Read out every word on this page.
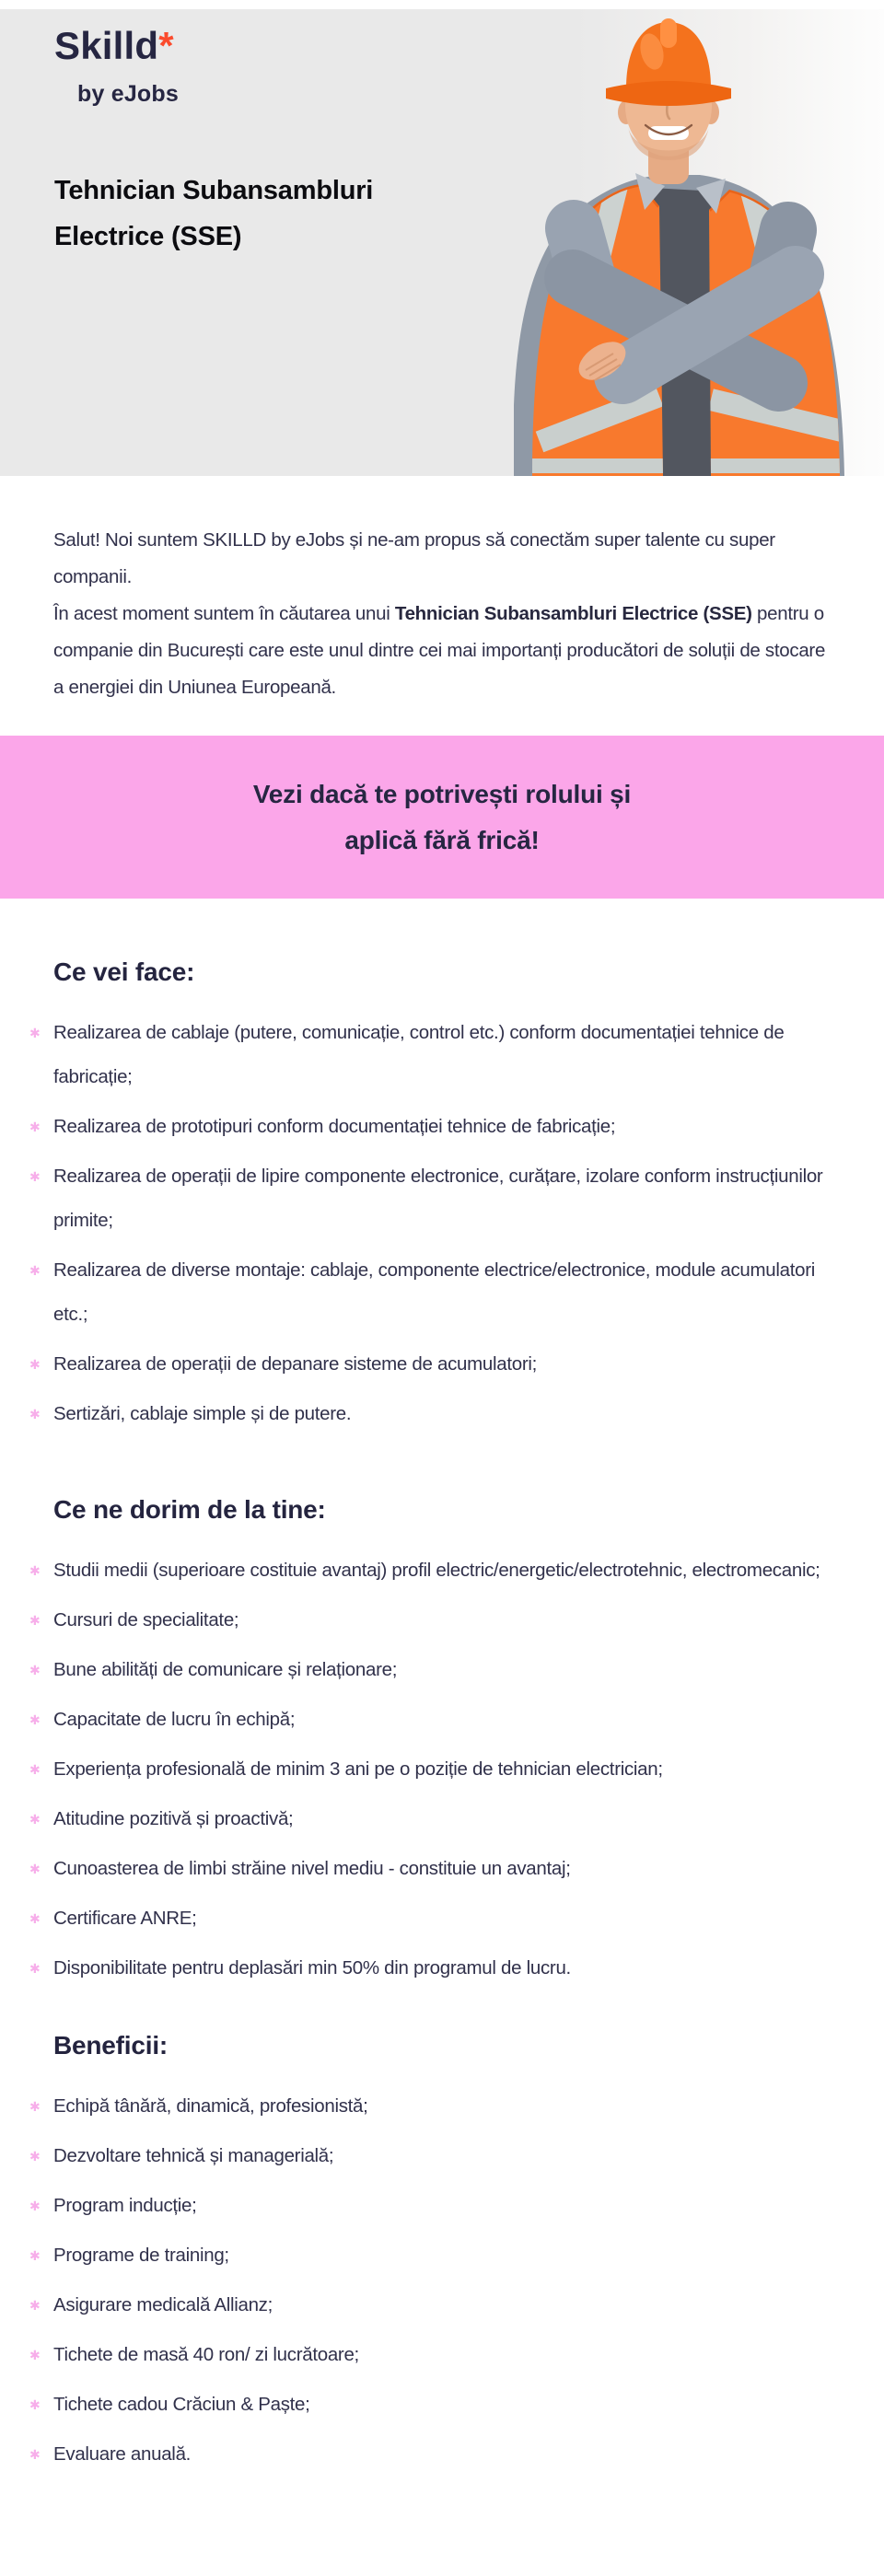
Skilld*
by eJobs
Tehnician Subansambluri
Electrice (SSE)

Salut! Noi suntem SKILLD by eJobs și ne-am propus să conectăm super talente cu super companii.

În acest moment suntem în căutarea unui Tehnician Subansambluri Electrice (SSE) pentru o companie din București care este unul dintre cei mai importanți producători de soluții de stocare a energiei din Uniunea Europeană.

Vezi dacă te potrivești rolului și
aplică fără frică!
Ce vei face:
✱ Realizarea de cablaje (putere, comunicație, control etc.) conform documentației tehnice de fabricație;
✱ Realizarea de prototipuri conform documentației tehnice de fabricație;
✱ Realizarea de operații de lipire componente electronice, curățare, izolare conform instrucțiunilor primite;
✱ Realizarea de diverse montaje: cablaje, componente electrice/electronice, module acumulatori etc.;
✱ Realizarea de operații de depanare sisteme de acumulatori;
✱ Sertizări, cablaje simple și de putere.
Ce ne dorim de la tine:
✱ Studii medii (superioare costituie avantaj) profil electric/energetic/electrotehnic, electromecanic;
✱ Cursuri de specialitate;
✱ Bune abilități de comunicare și relaționare;
✱ Capacitate de lucru în echipă;
✱ Experiența profesională de minim 3 ani pe o poziție de tehnician electrician;
✱ Atitudine pozitivă și proactivă;
✱ Cunoasterea de limbi străine nivel mediu - constituie un avantaj;
✱ Certificare ANRE;
✱ Disponibilitate pentru deplasări min 50% din programul de lucru.
Beneficii:
✱ Echipă tânără, dinamică, profesionistă;
✱ Dezvoltare tehnică și managerială;
✱ Program inducție;
✱ Programe de training;
✱ Asigurare medicală Allianz;
✱ Tichete de masă 40 ron/ zi lucrătoare;
✱ Tichete cadou Crăciun & Paște;
✱ Evaluare anuală.
